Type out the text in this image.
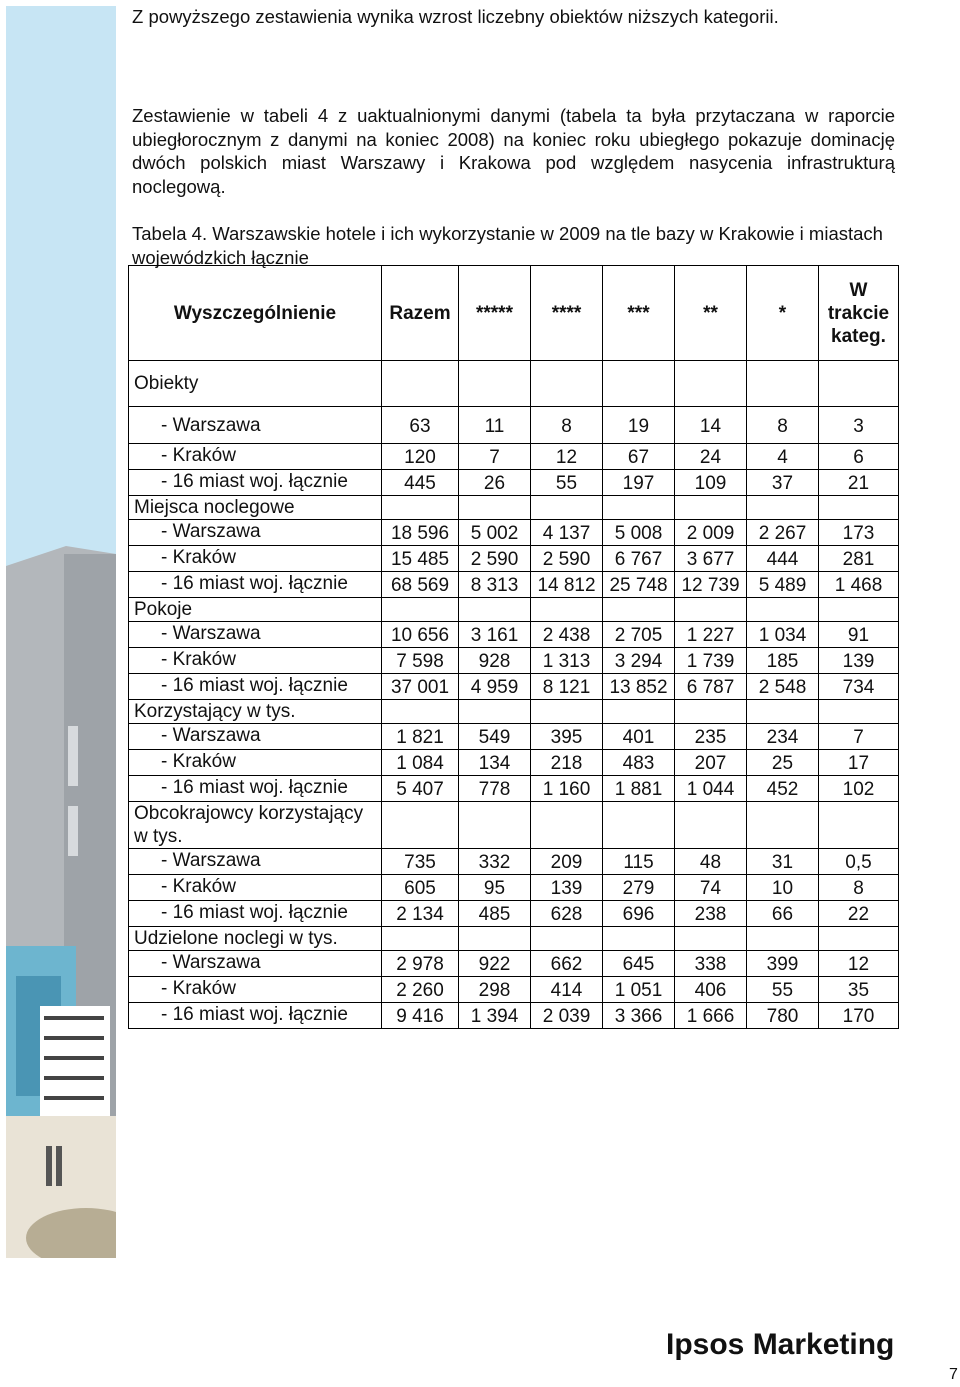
Z powyższego zestawienia wynika wzrost liczebny obiektów niższych kategorii.
Zestawienie w tabeli 4 z uaktualnionymi danymi (tabela ta była przytaczana w raporcie ubiegłorocznym z danymi na koniec 2008) na koniec roku ubiegłego pokazuje dominację dwóch polskich miast Warszawy i Krakowa pod względem nasycenia infrastrukturą noclegową.
Tabela 4. Warszawskie hotele i ich wykorzystanie w 2009 na tle bazy w Krakowie i miastach wojewódzkich łącznie
Wyszczególnienie	Razem	*****	****	***	**	*	W trakcie kateg.
Obiekty							
- Warszawa	63	11	8	19	14	8	3
- Kraków	120	7	12	67	24	4	6
- 16 miast woj. łącznie	445	26	55	197	109	37	21
Miejsca noclegowe							
- Warszawa	18 596	5 002	4 137	5 008	2 009	2 267	173
- Kraków	15 485	2 590	2 590	6 767	3 677	444	281
- 16 miast woj. łącznie	68 569	8 313	14 812	25 748	12 739	5 489	1 468
Pokoje							
- Warszawa	10 656	3 161	2 438	2 705	1 227	1 034	91
- Kraków	7 598	928	1 313	3 294	1 739	185	139
- 16 miast woj. łącznie	37 001	4 959	8 121	13 852	6 787	2 548	734
Korzystający w tys.							
- Warszawa	1 821	549	395	401	235	234	7
- Kraków	1 084	134	218	483	207	25	17
- 16 miast woj. łącznie	5 407	778	1 160	1 881	1 044	452	102
Obcokrajowcy korzystający w tys.							
- Warszawa	735	332	209	115	48	31	0,5
- Kraków	605	95	139	279	74	10	8
- 16 miast woj. łącznie	2 134	485	628	696	238	66	22
Udzielone noclegi w tys.							
- Warszawa	2 978	922	662	645	338	399	12
- Kraków	2 260	298	414	1 051	406	55	35
- 16 miast woj. łącznie	9 416	1 394	2 039	3 366	1 666	780	170
Ipsos Marketing
7
